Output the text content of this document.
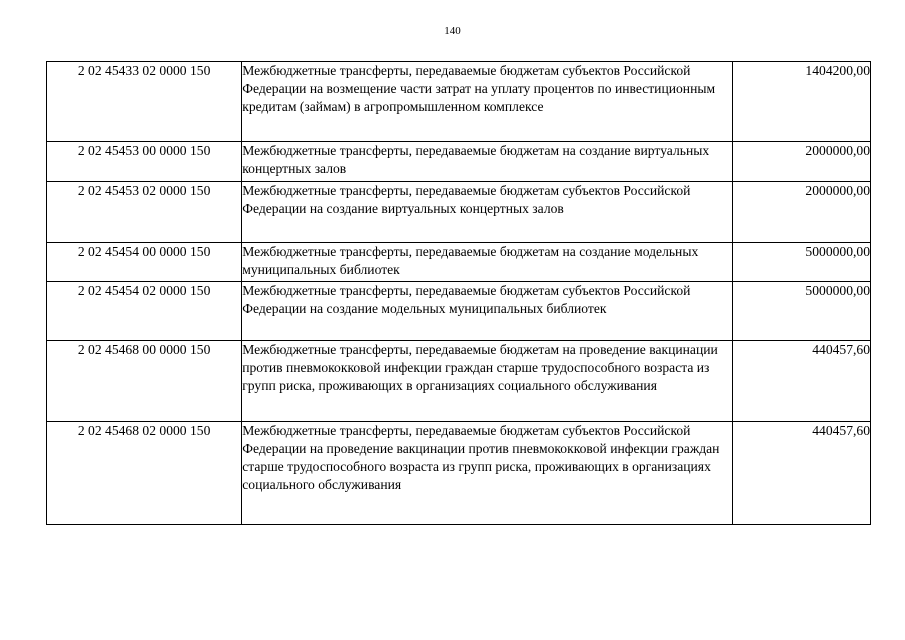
140
2 02 45433 02 0000 150	Межбюджетные трансферты, передаваемые бюджетам субъектов Российской Федерации на возмещение части затрат на уплату процентов по инвестиционным кредитам (займам) в агропромышленном комплексе	1404200,00
2 02 45453 00 0000 150	Межбюджетные трансферты, передаваемые бюджетам на создание виртуальных концертных залов	2000000,00
2 02 45453 02 0000 150	Межбюджетные трансферты, передаваемые бюджетам субъектов Российской Федерации на создание виртуальных концертных залов	2000000,00
2 02 45454 00 0000 150	Межбюджетные трансферты, передаваемые бюджетам на создание модельных муниципальных библиотек	5000000,00
2 02 45454 02 0000 150	Межбюджетные трансферты, передаваемые бюджетам субъектов Российской Федерации на создание модельных муниципальных библиотек	5000000,00
2 02 45468 00 0000 150	Межбюджетные трансферты, передаваемые бюджетам на проведение вакцинации против пневмококковой инфекции граждан старше трудоспособного возраста из групп риска, проживающих в организациях социального обслуживания	440457,60
2 02 45468 02 0000 150	Межбюджетные трансферты, передаваемые бюджетам субъектов Российской Федерации на проведение вакцинации против пневмококковой инфекции граждан старше трудоспособного возраста из групп риска, проживающих в организациях социального обслуживания	440457,60
